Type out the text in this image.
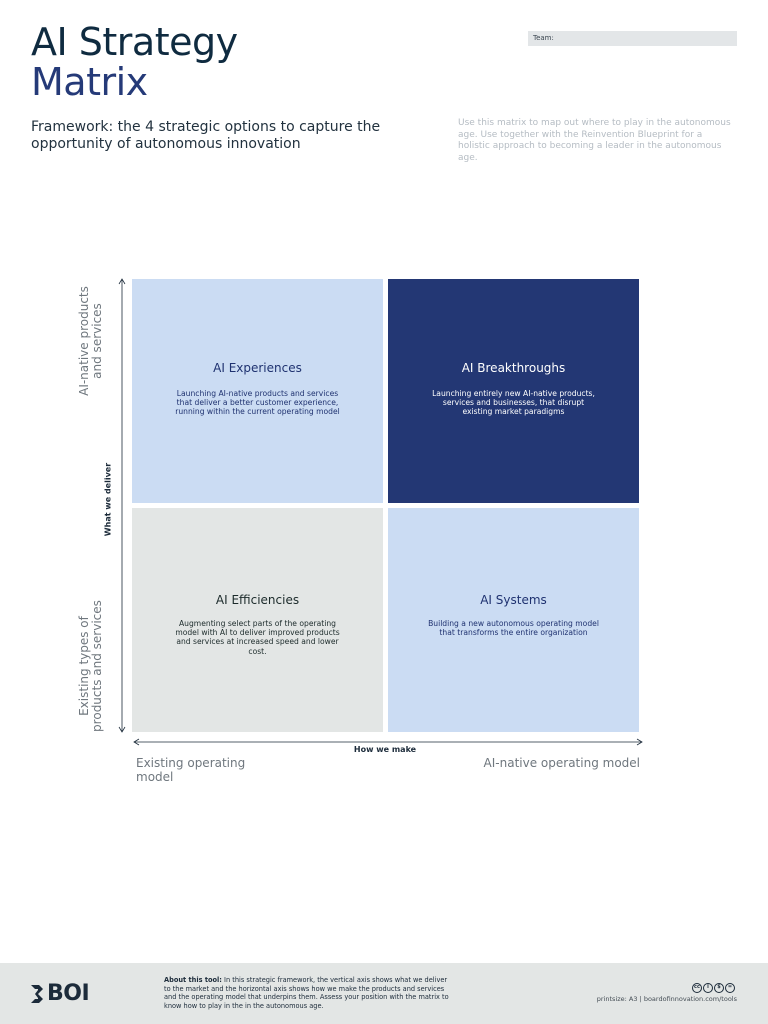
AI Strategy
Matrix
Framework: the 4 strategic options to capture the opportunity of autonomous innovation
Team:
Use this matrix to map out where to play in the autonomous age. Use together with the Reinvention Blueprint for a holistic approach to becoming a leader in the autonomous age.
AI Experiences
Launching AI-native products and services that deliver a better customer experience, running within the current operating model
AI Breakthroughs
Launching entirely new AI-native products, services and businesses, that disrupt existing market paradigms
AI Efficiencies
Augmenting select parts of the operating model with AI to deliver improved products and services at increased speed and lower cost.
AI Systems
Building a new autonomous operating model that transforms the entire organization
AI-native products
and services
Existing types of
products and services
What we deliver
How we make
Existing operating model
AI-native operating model
BOI
About this tool: In this strategic framework, the vertical axis shows what we deliver to the market and the horizontal axis shows how we make the products and services and the operating model that underpins them. Assess your position with the matrix to know how to play in the in the autonomous age.
cc	i	$	=
printsize: A3 | boardofinnovation.com/tools
